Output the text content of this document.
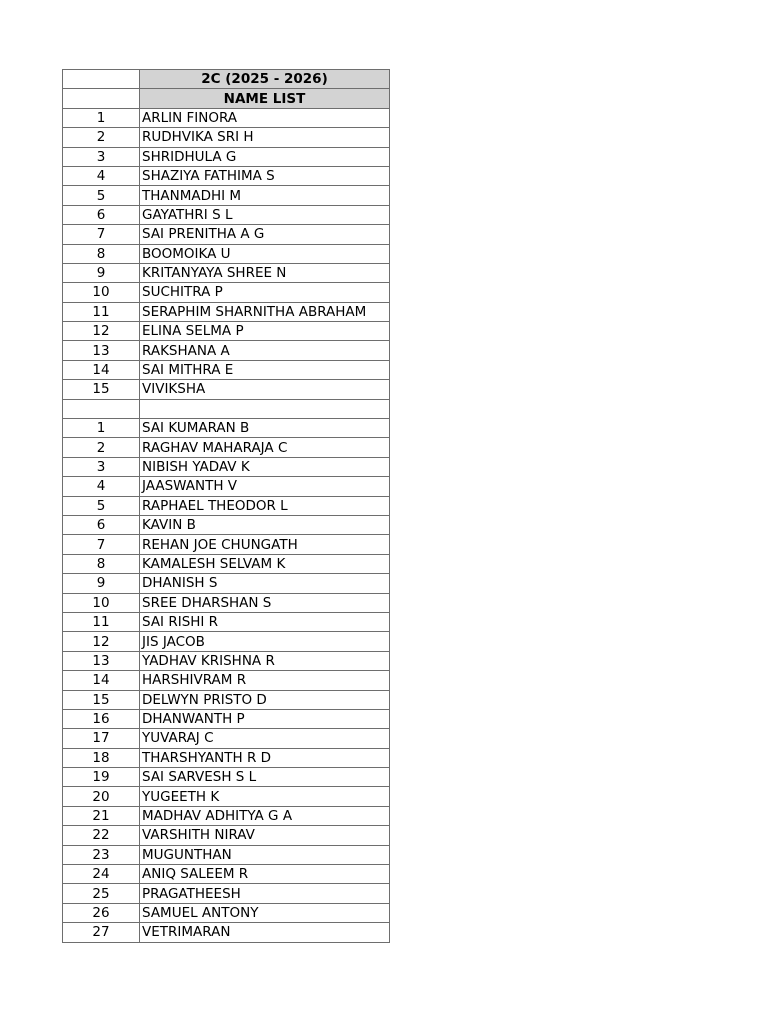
	2C (2025 - 2026)
	NAME LIST
1	ARLIN FINORA
2	RUDHVIKA SRI H
3	SHRIDHULA G
4	SHAZIYA FATHIMA S
5	THANMADHI M
6	GAYATHRI S L
7	SAI PRENITHA A G
8	BOOMOIKA U
9	KRITANYAYA SHREE N
10	SUCHITRA P
11	SERAPHIM SHARNITHA ABRAHAM
12	ELINA SELMA P
13	RAKSHANA A
14	SAI MITHRA E
15	VIVIKSHA

1	SAI KUMARAN B
2	RAGHAV MAHARAJA C
3	NIBISH YADAV K
4	JAASWANTH V
5	RAPHAEL THEODOR L
6	KAVIN B
7	REHAN JOE CHUNGATH
8	KAMALESH SELVAM K
9	DHANISH S
10	SREE DHARSHAN S
11	SAI RISHI R
12	JIS JACOB
13	YADHAV KRISHNA R
14	HARSHIVRAM R
15	DELWYN PRISTO D
16	DHANWANTH P
17	YUVARAJ C
18	THARSHYANTH R D
19	SAI SARVESH S L
20	YUGEETH K
21	MADHAV ADHITYA G A
22	VARSHITH NIRAV
23	MUGUNTHAN
24	ANIQ SALEEM R
25	PRAGATHEESH
26	SAMUEL ANTONY
27	VETRIMARAN
